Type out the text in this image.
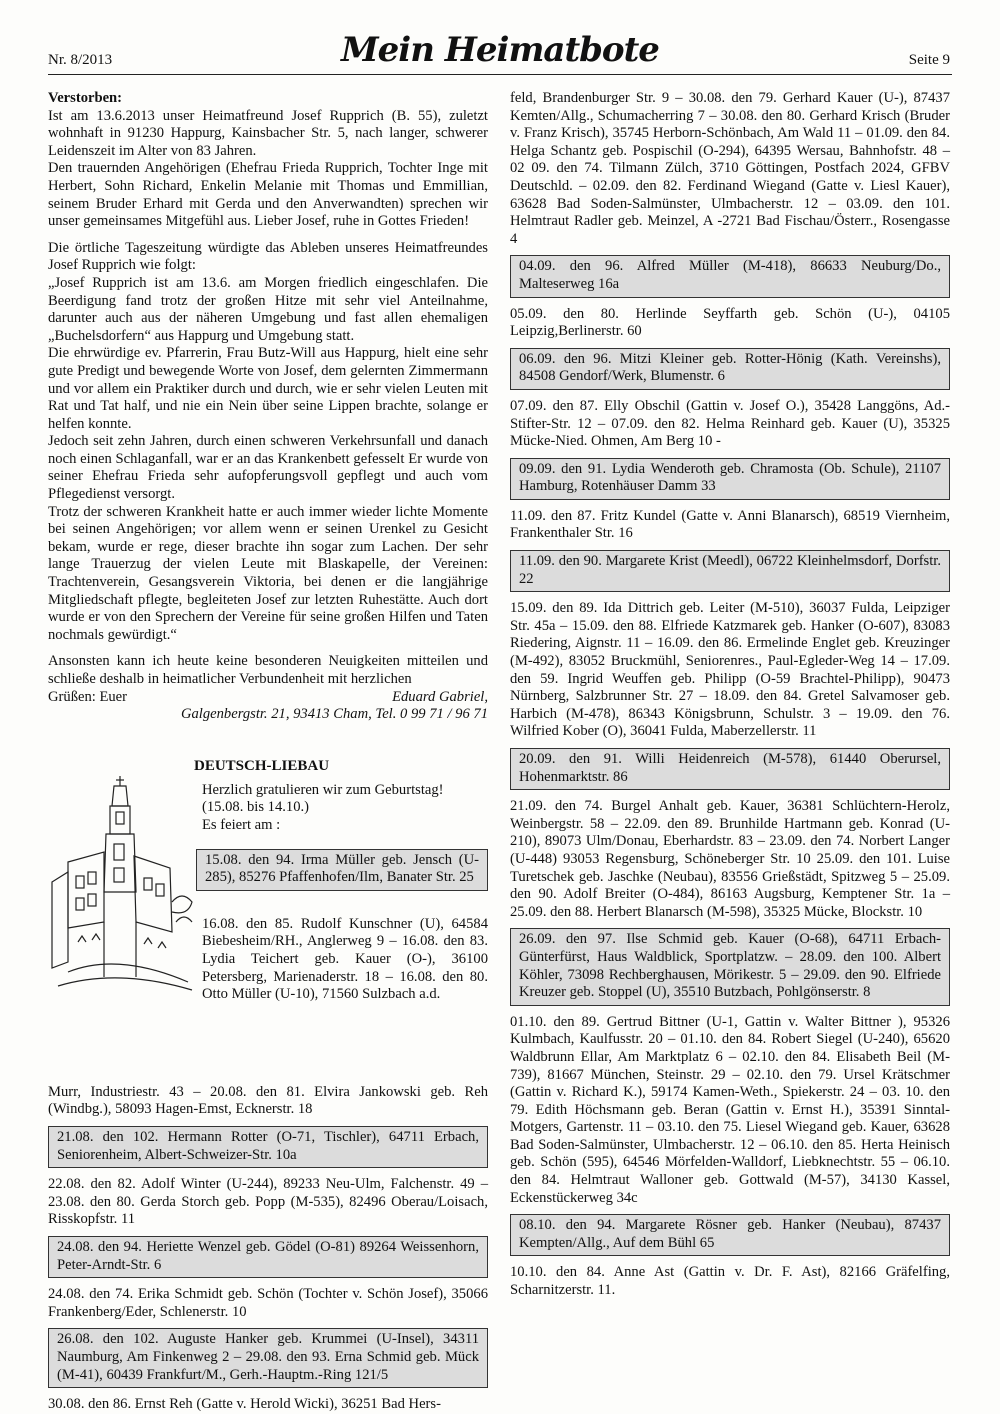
Nr. 8/2013	Mein Heimatbote	Seite 9

Verstorben:

Ist am 13.6.2013 unser Heimatfreund Josef Rupprich (B. 55), zuletzt wohnhaft in 91230 Happurg, Kainsbacher Str. 5, nach langer, schwerer Leidenszeit im Alter von 83 Jahren.

Den trauernden Angehörigen (Ehefrau Frieda Rupprich, Tochter Inge mit Herbert, Sohn Richard, Enkelin Melanie mit Thomas und Emmillian, seinem Bruder Erhard mit Gerda und den Anverwandten) sprechen wir unser gemeinsames Mitgefühl aus. Lieber Josef, ruhe in Gottes Frieden!

Die örtliche Tageszeitung würdigte das Ableben unseres Heimatfreundes Josef Rupprich wie folgt:

„Josef Rupprich ist am 13.6. am Morgen friedlich eingeschlafen. Die Beerdigung fand trotz der großen Hitze mit sehr viel Anteilnahme, darunter auch aus der näheren Umgebung und fast allen ehemaligen „Buchelsdorfern“ aus Happurg und Umgebung statt.

Die ehrwürdige ev. Pfarrerin, Frau Butz-Will aus Happurg, hielt eine sehr gute Predigt und bewegende Worte von Josef, dem gelernten Zimmermann und vor allem ein Praktiker durch und durch, wie er sehr vielen Leuten mit Rat und Tat half, und nie ein Nein über seine Lippen brachte, solange er helfen konnte.

Jedoch seit zehn Jahren, durch einen schweren Verkehrsunfall und danach noch einen Schlaganfall, war er an das Krankenbett gefesselt Er wurde von seiner Ehefrau Frieda sehr aufopferungsvoll gepflegt und auch vom Pflegedienst versorgt.

Trotz der schweren Krankheit hatte er auch immer wieder lichte Momente bei seinen Angehörigen; vor allem wenn er seinen Urenkel zu Gesicht bekam, wurde er rege, dieser brachte ihn sogar zum Lachen. Der sehr lange Trauerzug der vielen Leute mit Blaskapelle, der Vereinen: Trachtenverein, Gesangsverein Viktoria, bei denen er die langjährige Mitgliedschaft pflegte, begleiteten Josef zur letzten Ruhestätte. Auch dort wurde er von den Sprechern der Vereine für seine großen Hilfen und Taten nochmals gewürdigt.“

Ansonsten kann ich heute keine besonderen Neuigkeiten mitteilen und schließe deshalb in heimatlicher Verbundenheit mit herzlichen

Grüßen: Euer	Eduard Gabriel,
Galgenbergstr. 21, 93413 Cham, Tel. 0 99 71 / 96 71
DEUTSCH-LIEBAU

Herzlich gratulieren wir zum Geburtstag!

(15.08. bis 14.10.)

Es feiert am :

15.08. den 94. Irma Müller geb. Jensch (U-285), 85276 Pfaffenhofen/Ilm, Banater Str. 25
16.08. den 85. Rudolf Kunschner (U), 64584 Biebesheim/RH., Anglerweg 9 – 16.08. den 83. Lydia Teichert geb. Kauer (O-), 36100 Petersberg, Marienaderstr. 18 – 16.08. den 80. Otto Müller (U-10), 71560 Sulzbach a.d.

Murr, Industriestr. 43 – 20.08. den 81. Elvira Jankowski geb. Reh (Windbg.), 58093 Hagen-Emst, Ecknerstr. 18

21.08. den 102. Hermann Rotter (O-71, Tischler), 64711 Erbach, Seniorenheim, Albert-Schweizer-Str. 10a
22.08. den 82. Adolf Winter (U-244), 89233 Neu-Ulm, Falchenstr. 49 – 23.08. den 80. Gerda Storch geb. Popp (M-535), 82496 Oberau/Loisach, Risskopfstr. 11
24.08. den 94. Heriette Wenzel geb. Gödel (O-81) 89264 Weissenhorn, Peter-Arndt-Str. 6
24.08. den 74. Erika Schmidt geb. Schön (Tochter v. Schön Josef), 35066 Frankenberg/Eder, Schlenerstr. 10
26.08. den 102. Auguste Hanker geb. Krummei (U-Insel), 34311 Naumburg, Am Finkenweg 2 – 29.08. den 93. Erna Schmid geb. Mück (M-41), 60439 Frankfurt/M., Gerh.-Hauptm.-Ring 121/5
30.08. den 86. Ernst Reh (Gatte v. Herold Wicki), 36251 Bad Hers-
feld, Brandenburger Str. 9 – 30.08. den 79. Gerhard Kauer (U-), 87437 Kemten/Allg., Schumacherring 7 – 30.08. den 80. Gerhard Krisch (Bruder v. Franz Krisch), 35745 Herborn-Schönbach, Am Wald 11 – 01.09. den 84. Helga Schantz geb. Pospischil (O-294), 64395 Wersau, Bahnhofstr. 48 – 02 09. den 74. Tilmann Zülch, 3710 Göttingen, Postfach 2024, GFBV Deutschld. – 02.09. den 82. Ferdinand Wiegand (Gatte v. Liesl Kauer), 63628 Bad Soden-Salmünster, Ulmbacherstr. 12 – 03.09. den 101. Helmtraut Radler geb. Meinzel, A -2721 Bad Fischau/Österr., Rosengasse 4
04.09. den 96. Alfred Müller (M-418), 86633 Neuburg/Do., Malteserweg 16a
05.09. den 80. Herlinde Seyffarth geb. Schön (U-), 04105 Leipzig,Berlinerstr. 60
06.09. den 96. Mitzi Kleiner geb. Rotter-Hönig (Kath. Vereinshs), 84508 Gendorf/Werk, Blumenstr. 6
07.09. den 87. Elly Obschil (Gattin v. Josef O.), 35428 Langgöns, Ad.-Stifter-Str. 12 – 07.09. den 82. Helma Reinhard geb. Kauer (U), 35325 Mücke-Nied. Ohmen, Am Berg 10 -
09.09. den 91. Lydia Wenderoth geb. Chramosta (Ob. Schule), 21107 Hamburg, Rotenhäuser Damm 33
11.09. den 87. Fritz Kundel (Gatte v. Anni Blanarsch), 68519 Viernheim, Frankenthaler Str. 16
11.09. den 90. Margarete Krist (Meedl), 06722 Kleinhelmsdorf, Dorfstr. 22
15.09. den 89. Ida Dittrich geb. Leiter (M-510), 36037 Fulda, Leipziger Str. 45a – 15.09. den 88. Elfriede Katzmarek geb. Hanker (O-607), 83083 Riedering, Aignstr. 11 – 16.09. den 86. Ermelinde Englet geb. Kreuzinger (M-492), 83052 Bruckmühl, Seniorenres., Paul-Egleder-Weg 14 – 17.09. den 59. Ingrid Weuffen geb. Philipp (O-59 Brachtel-Philipp), 90473 Nürnberg, Salzbrunner Str. 27 – 18.09. den 84. Gretel Salvamoser geb. Harbich (M-478), 86343 Königsbrunn, Schulstr. 3 – 19.09. den 76. Wilfried Kober (O), 36041 Fulda, Maberzellerstr. 11
20.09. den 91. Willi Heidenreich (M-578), 61440 Oberursel, Hohenmarktstr. 86
21.09. den 74. Burgel Anhalt geb. Kauer, 36381 Schlüchtern-Herolz, Weinbergstr. 58 – 22.09. den 89. Brunhilde Hartmann geb. Konrad (U-210), 89073 Ulm/Donau, Eberhardstr. 83 – 23.09. den 74. Norbert Langer (U-448) 93053 Regensburg, Schöneberger Str. 10 25.09. den 101. Luise Turetschek geb. Jaschke (Neubau), 83556 Grießstädt, Spitzweg 5 – 25.09. den 90. Adolf Breiter (O-484), 86163 Augsburg, Kemptener Str. 1a – 25.09. den 88. Herbert Blanarsch (M-598), 35325 Mücke, Blockstr. 10
26.09. den 97. Ilse Schmid geb. Kauer (O-68), 64711 Erbach-Günterfürst, Haus Waldblick, Sportplatzw. – 28.09. den 100. Albert Köhler, 73098 Rechberghausen, Mörikestr. 5 – 29.09. den 90. Elfriede Kreuzer geb. Stoppel (U), 35510 Butzbach, Pohlgönserstr. 8
01.10. den 89. Gertrud Bittner (U-1, Gattin v. Walter Bittner ), 95326 Kulmbach, Kaulfusstr. 20 – 01.10. den 84. Robert Siegel (U-240), 65620 Waldbrunn Ellar, Am Marktplatz 6 – 02.10. den 84. Elisabeth Beil (M-739), 81667 München, Steinstr. 29 – 02.10. den 79. Ursel Krätschmer (Gattin v. Richard K.), 59174 Kamen-Weth., Spiekerstr. 24 – 03. 10. den 79. Edith Höchsmann geb. Beran (Gattin v. Ernst H.), 35391 Sinntal-Motgers, Gartenstr. 11 – 03.10. den 75. Liesel Wiegand geb. Kauer, 63628 Bad Soden-Salmünster, Ulmbacherstr. 12 – 06.10. den 85. Herta Heinisch geb. Schön (595), 64546 Mörfelden-Walldorf, Liebknechtstr. 55 – 06.10. den 84. Helmtraut Walloner geb. Gottwald (M-57), 34130 Kassel, Eckenstückerweg 34c
08.10. den 94. Margarete Rösner geb. Hanker (Neubau), 87437 Kempten/Allg., Auf dem Bühl 65
10.10. den 84. Anne Ast (Gattin v. Dr. F. Ast), 82166 Gräfelfing, Scharnitzerstr. 11.
